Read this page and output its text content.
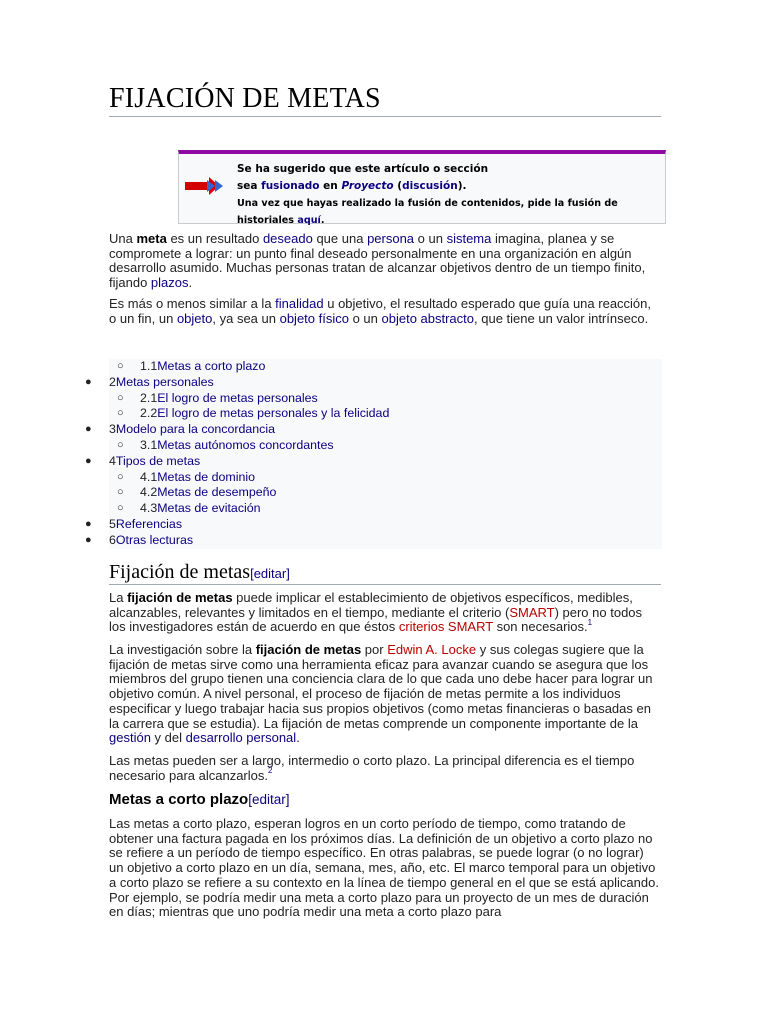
FIJACIÓN DE METAS
Se ha sugerido que este artículo o sección
sea fusionado en Proyecto (discusión).
Una vez que hayas realizado la fusión de contenidos, pide la fusión de historiales aquí.

Una meta es un resultado deseado que una persona o un sistema imagina, planea y se compromete a lograr: un punto final deseado personalmente en una organización en algún desarrollo asumido. Muchas personas tratan de alcanzar objetivos dentro de un tiempo finito, fijando plazos.

Es más o menos similar a la finalidad u objetivo, el resultado esperado que guía una reacción, o un fin, un objeto, ya sea un objeto físico o un objeto abstracto, que tiene un valor intrínseco.

○ 1.1Metas a corto plazo
● 2Metas personales
○ 2.1El logro de metas personales
○ 2.2El logro de metas personales y la felicidad
● 3Modelo para la concordancia
○ 3.1Metas autónomos concordantes
● 4Tipos de metas
○ 4.1Metas de dominio
○ 4.2Metas de desempeño
○ 4.3Metas de evitación
● 5Referencias
● 6Otras lecturas
Fijación de metas[editar]

La fijación de metas puede implicar el establecimiento de objetivos específicos, medibles, alcanzables, relevantes y limitados en el tiempo, mediante el criterio (SMART) pero no todos los investigadores están de acuerdo en que éstos criterios SMART son necesarios.$^1$

La investigación sobre la fijación de metas por Edwin A. Locke y sus colegas sugiere que la fijación de metas sirve como una herramienta eficaz para avanzar cuando se asegura que los miembros del grupo tienen una conciencia clara de lo que cada uno debe hacer para lograr un objetivo común. A nivel personal, el proceso de fijación de metas permite a los individuos especificar y luego trabajar hacia sus propios objetivos (como metas financieras o basadas en la carrera que se estudia). La fijación de metas comprende un componente importante de la gestión y del desarrollo personal.

Las metas pueden ser a largo, intermedio o corto plazo. La principal diferencia es el tiempo necesario para alcanzarlos.$^2$

Metas a corto plazo[editar]

Las metas a corto plazo, esperan logros en un corto período de tiempo, como tratando de obtener una factura pagada en los próximos días. La definición de un objetivo a corto plazo no se refiere a un período de tiempo específico. En otras palabras, se puede lograr (o no lograr) un objetivo a corto plazo en un día, semana, mes, año, etc. El marco temporal para un objetivo a corto plazo se refiere a su contexto en la línea de tiempo general en el que se está aplicando. Por ejemplo, se podría medir una meta a corto plazo para un proyecto de un mes de duración en días; mientras que uno podría medir una meta a corto plazo para
